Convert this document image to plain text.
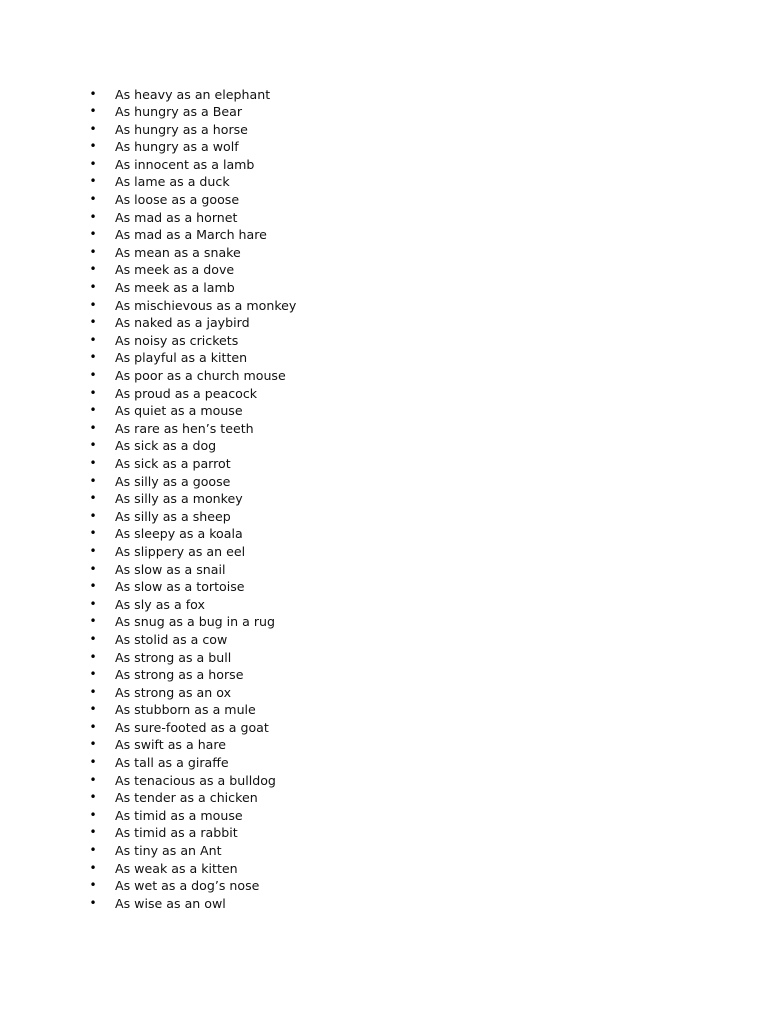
• As heavy as an elephant
• As hungry as a Bear
• As hungry as a horse
• As hungry as a wolf
• As innocent as a lamb
• As lame as a duck
• As loose as a goose
• As mad as a hornet
• As mad as a March hare
• As mean as a snake
• As meek as a dove
• As meek as a lamb
• As mischievous as a monkey
• As naked as a jaybird
• As noisy as crickets
• As playful as a kitten
• As poor as a church mouse
• As proud as a peacock
• As quiet as a mouse
• As rare as hen’s teeth
• As sick as a dog
• As sick as a parrot
• As silly as a goose
• As silly as a monkey
• As silly as a sheep
• As sleepy as a koala
• As slippery as an eel
• As slow as a snail
• As slow as a tortoise
• As sly as a fox
• As snug as a bug in a rug
• As stolid as a cow
• As strong as a bull
• As strong as a horse
• As strong as an ox
• As stubborn as a mule
• As sure-footed as a goat
• As swift as a hare
• As tall as a giraffe
• As tenacious as a bulldog
• As tender as a chicken
• As timid as a mouse
• As timid as a rabbit
• As tiny as an Ant
• As weak as a kitten
• As wet as a dog’s nose
• As wise as an owl
